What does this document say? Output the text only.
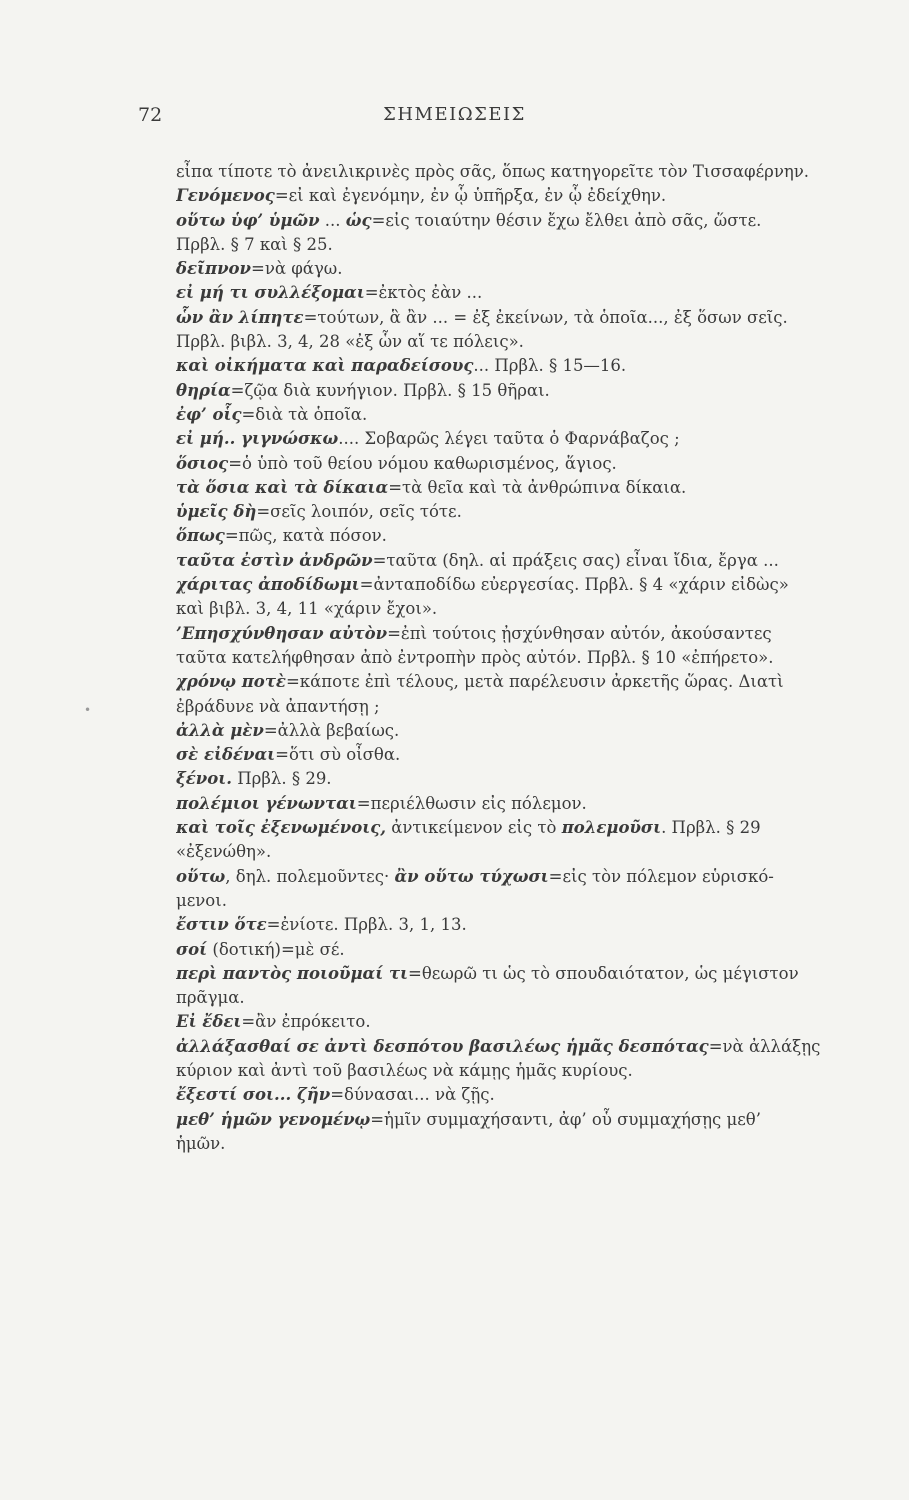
72	ΣΗΜΕΙΩΣΕΙΣ
•
εἶπα τίποτε τὸ ἀνειλικρινὲς πρὸς σᾶς, ὅπως κατηγορεῖτε τὸν Τισσαφέρνην.
Γενόμενος=εἰ καὶ ἐγενόμην, ἐν ᾧ ὑπῆρξα, ἐν ᾧ ἐδείχθην.
οὕτω ὑφ’ ὑμῶν ... ὡς=εἰς τοιαύτην θέσιν ἔχω ἔλθει ἀπὸ σᾶς, ὥστε.
Πρβλ. § 7 καὶ § 25.
δεῖπνον=νὰ φάγω.
εἰ μή τι συλλέξομαι=ἐκτὸς ἐὰν ...
ὧν ἂν λίπητε=τούτων, ἃ ἂν ... = ἐξ ἐκείνων, τὰ ὁποῖα..., ἐξ ὅσων σεῖς.
Πρβλ. βιβλ. 3, 4, 28 «ἐξ ὧν αἵ τε πόλεις».
καὶ οἰκήματα καὶ παραδείσους... Πρβλ. § 15—16.
θηρία=ζῷα διὰ κυνήγιον. Πρβλ. § 15 θῆραι.
ἐφ’ οἷς=διὰ τὰ ὁποῖα.
εἰ μή.. γιγνώσκω.... Σοβαρῶς λέγει ταῦτα ὁ Φαρνάβαζος ;
ὅσιος=ὁ ὑπὸ τοῦ θείου νόμου καθωρισμένος, ἅγιος.
τὰ ὅσια καὶ τὰ δίκαια=τὰ θεῖα καὶ τὰ ἀνθρώπινα δίκαια.
ὑμεῖς δὴ=σεῖς λοιπόν, σεῖς τότε.
ὅπως=πῶς, κατὰ πόσον.
ταῦτα ἐστὶν ἀνδρῶν=ταῦτα (δηλ. αἱ πράξεις σας) εἶναι ἴδια, ἔργα ...
χάριτας ἀποδίδωμι=ἀνταποδίδω εὐεργεσίας. Πρβλ. § 4 «χάριν εἰδὼς»
καὶ βιβλ. 3, 4, 11 «χάριν ἔχοι».
’Επησχύνθησαν αὐτὸν=ἐπὶ τούτοις ᾐσχύνθησαν αὐτόν, ἀκούσαντες
ταῦτα κατελήφθησαν ἀπὸ ἐντροπὴν πρὸς αὐτόν. Πρβλ. § 10 «ἐπήρετο».
χρόνῳ ποτὲ=κάποτε ἐπὶ τέλους, μετὰ παρέλευσιν ἀρκετῆς ὥρας. Διατὶ
ἐβράδυνε νὰ ἀπαντήσῃ ;
ἀλλὰ μὲν=ἀλλὰ βεβαίως.
σὲ εἰδέναι=ὅτι σὺ οἶσθα.
ξένοι. Πρβλ. § 29.
πολέμιοι γένωνται=περιέλθωσιν εἰς πόλεμον.
καὶ τοῖς ἐξενωμένοις, ἀντικείμενον εἰς τὸ πολεμοῦσι. Πρβλ. § 29
«ἐξενώθη».
οὕτω, δηλ. πολεμοῦντες· ἂν οὕτω τύχωσι=εἰς τὸν πόλεμον εὑρισκό-
μενοι.
ἔστιν ὅτε=ἐνίοτε. Πρβλ. 3, 1, 13.
σοί (δοτική)=μὲ σέ.
περὶ παντὸς ποιοῦμαί τι=θεωρῶ τι ὡς τὸ σπουδαιότατον, ὡς μέγιστον
πρᾶγμα.
Εἰ ἔδει=ἂν ἐπρόκειτο.
ἀλλάξασθαί σε ἀντὶ δεσπότου βασιλέως ἡμᾶς δεσπότας=νὰ ἀλλάξῃς
κύριον καὶ ἀντὶ τοῦ βασιλέως νὰ κάμῃς ἡμᾶς κυρίους.
ἔξεστί σοι... ζῆν=δύνασαι... νὰ ζῇς.
μεθ’ ἡμῶν γενομένῳ=ἡμῖν συμμαχήσαντι, ἀφ’ οὗ συμμαχήσῃς μεθ’
ἡμῶν.
